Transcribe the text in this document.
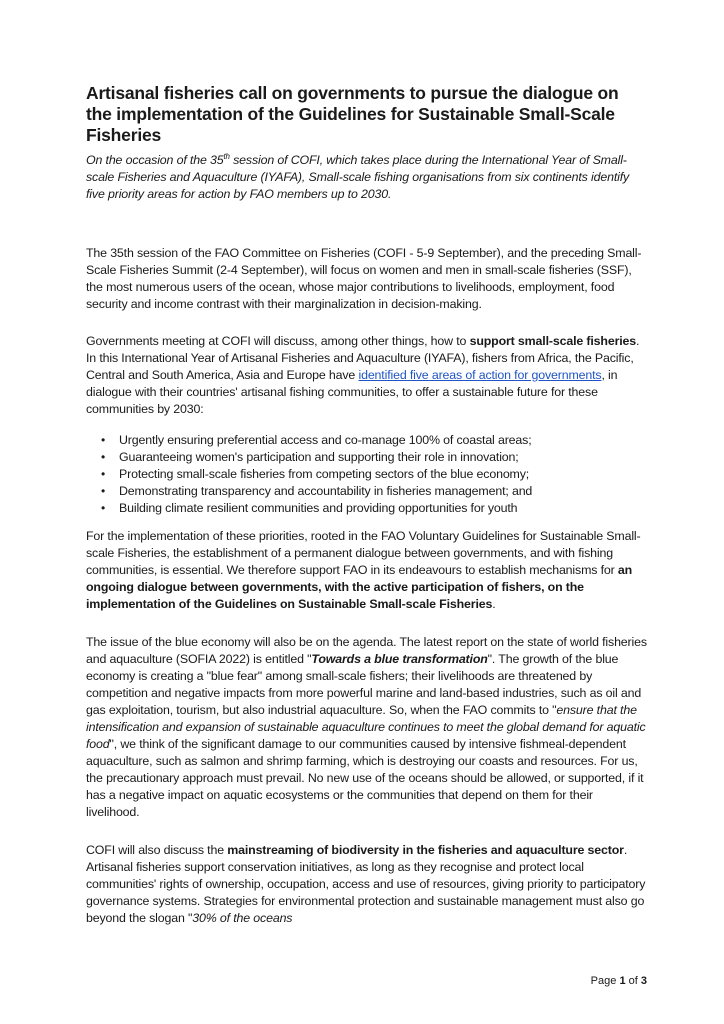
Artisanal fisheries call on governments to pursue the dialogue on the implementation of the Guidelines for Sustainable Small-Scale Fisheries

On the occasion of the 35th session of COFI, which takes place during the International Year of Small-scale Fisheries and Aquaculture (IYAFA), Small-scale fishing organisations from six continents identify five priority areas for action by FAO members up to 2030.

The 35th session of the FAO Committee on Fisheries (COFI - 5-9 September), and the preceding Small-Scale Fisheries Summit (2-4 September), will focus on women and men in small-scale fisheries (SSF), the most numerous users of the ocean, whose major contributions to livelihoods, employment, food security and income contrast with their marginalization in decision-making.

Governments meeting at COFI will discuss, among other things, how to support small-scale fisheries. In this International Year of Artisanal Fisheries and Aquaculture (IYAFA), fishers from Africa, the Pacific, Central and South America, Asia and Europe have identified five areas of action for governments, in dialogue with their countries' artisanal fishing communities, to offer a sustainable future for these communities by 2030:

• Urgently ensuring preferential access and co-manage 100% of coastal areas;
• Guaranteeing women's participation and supporting their role in innovation;
• Protecting small-scale fisheries from competing sectors of the blue economy;
• Demonstrating transparency and accountability in fisheries management; and
• Building climate resilient communities and providing opportunities for youth

For the implementation of these priorities, rooted in the FAO Voluntary Guidelines for Sustainable Small-scale Fisheries, the establishment of a permanent dialogue between governments, and with fishing communities, is essential. We therefore support FAO in its endeavours to establish mechanisms for an ongoing dialogue between governments, with the active participation of fishers, on the implementation of the Guidelines on Sustainable Small-scale Fisheries.

The issue of the blue economy will also be on the agenda. The latest report on the state of world fisheries and aquaculture (SOFIA 2022) is entitled "Towards a blue transformation". The growth of the blue economy is creating a "blue fear" among small-scale fishers; their livelihoods are threatened by competition and negative impacts from more powerful marine and land-based industries, such as oil and gas exploitation, tourism, but also industrial aquaculture. So, when the FAO commits to "ensure that the intensification and expansion of sustainable aquaculture continues to meet the global demand for aquatic food", we think of the significant damage to our communities caused by intensive fishmeal-dependent aquaculture, such as salmon and shrimp farming, which is destroying our coasts and resources. For us, the precautionary approach must prevail. No new use of the oceans should be allowed, or supported, if it has a negative impact on aquatic ecosystems or the communities that depend on them for their livelihood.

COFI will also discuss the mainstreaming of biodiversity in the fisheries and aquaculture sector. Artisanal fisheries support conservation initiatives, as long as they recognise and protect local communities' rights of ownership, occupation, access and use of resources, giving priority to participatory governance systems. Strategies for environmental protection and sustainable management must also go beyond the slogan "30% of the oceans

Page 1 of 3
